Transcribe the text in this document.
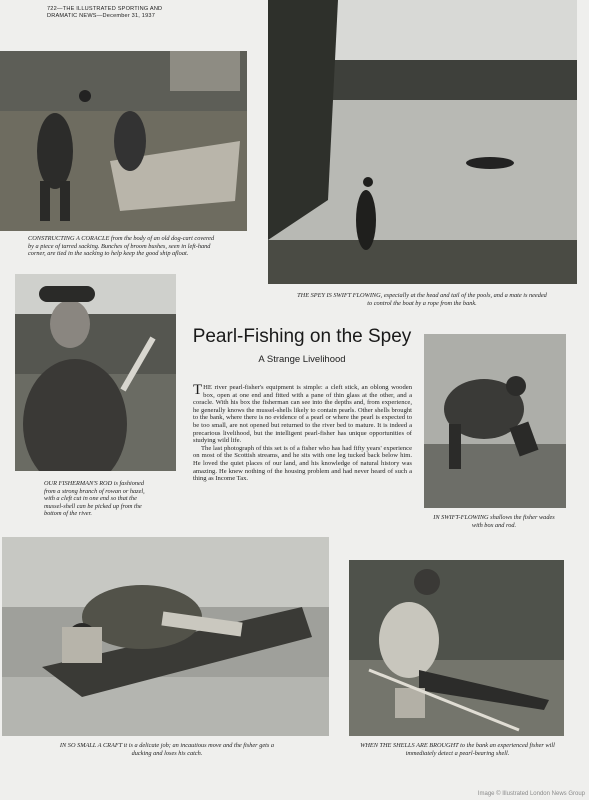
722—THE ILLUSTRATED SPORTING AND
DRAMATIC NEWS—December 31, 1937
CONSTRUCTING A CORACLE from the body of an old dog-cart covered by a piece of tarred sacking. Bunches of broom bushes, seen in left-hand corner, are tied in the sacking to help keep the good ship afloat.
THE SPEY IS SWIFT FLOWING, especially at the head and tail of the pools, and a mate is needed to control the boat by a rope from the bank.
OUR FISHERMAN'S ROD is fashioned from a strong branch of rowan or hazel, with a cleft cut in one end so that the mussel-shell can be picked up from the bottom of the river.
Pearl-Fishing on the Spey
A Strange Livelihood

THE river pearl-fisher's equipment is simple: a cleft stick, an oblong wooden box, open at one end and fitted with a pane of thin glass at the other, and a coracle. With his box the fisherman can see into the depths and, from experience, he generally knows the mussel-shells likely to contain pearls. Other shells brought to the bank, where there is no evidence of a pearl or where the pearl is expected to be too small, are not opened but returned to the river bed to mature. It is indeed a precarious livelihood, but the intelligent pearl-fisher has unique opportunities of studying wild life.

The last photograph of this set is of a fisher who has had fifty years' experience on most of the Scottish streams, and he sits with one leg tucked back below him. He loved the quiet places of our land, and his knowledge of natural history was amazing. He knew nothing of the housing problem and had never heard of such a thing as Income Tax.

IN SWIFT-FLOWING shallows the fisher wades with box and rod.
IN SO SMALL A CRAFT it is a delicate job; an incautious move and the fisher gets a ducking and loses his catch.
WHEN THE SHELLS ARE BROUGHT to the bank an experienced fisher will immediately detect a pearl-bearing shell.
Image © Illustrated London News Group
